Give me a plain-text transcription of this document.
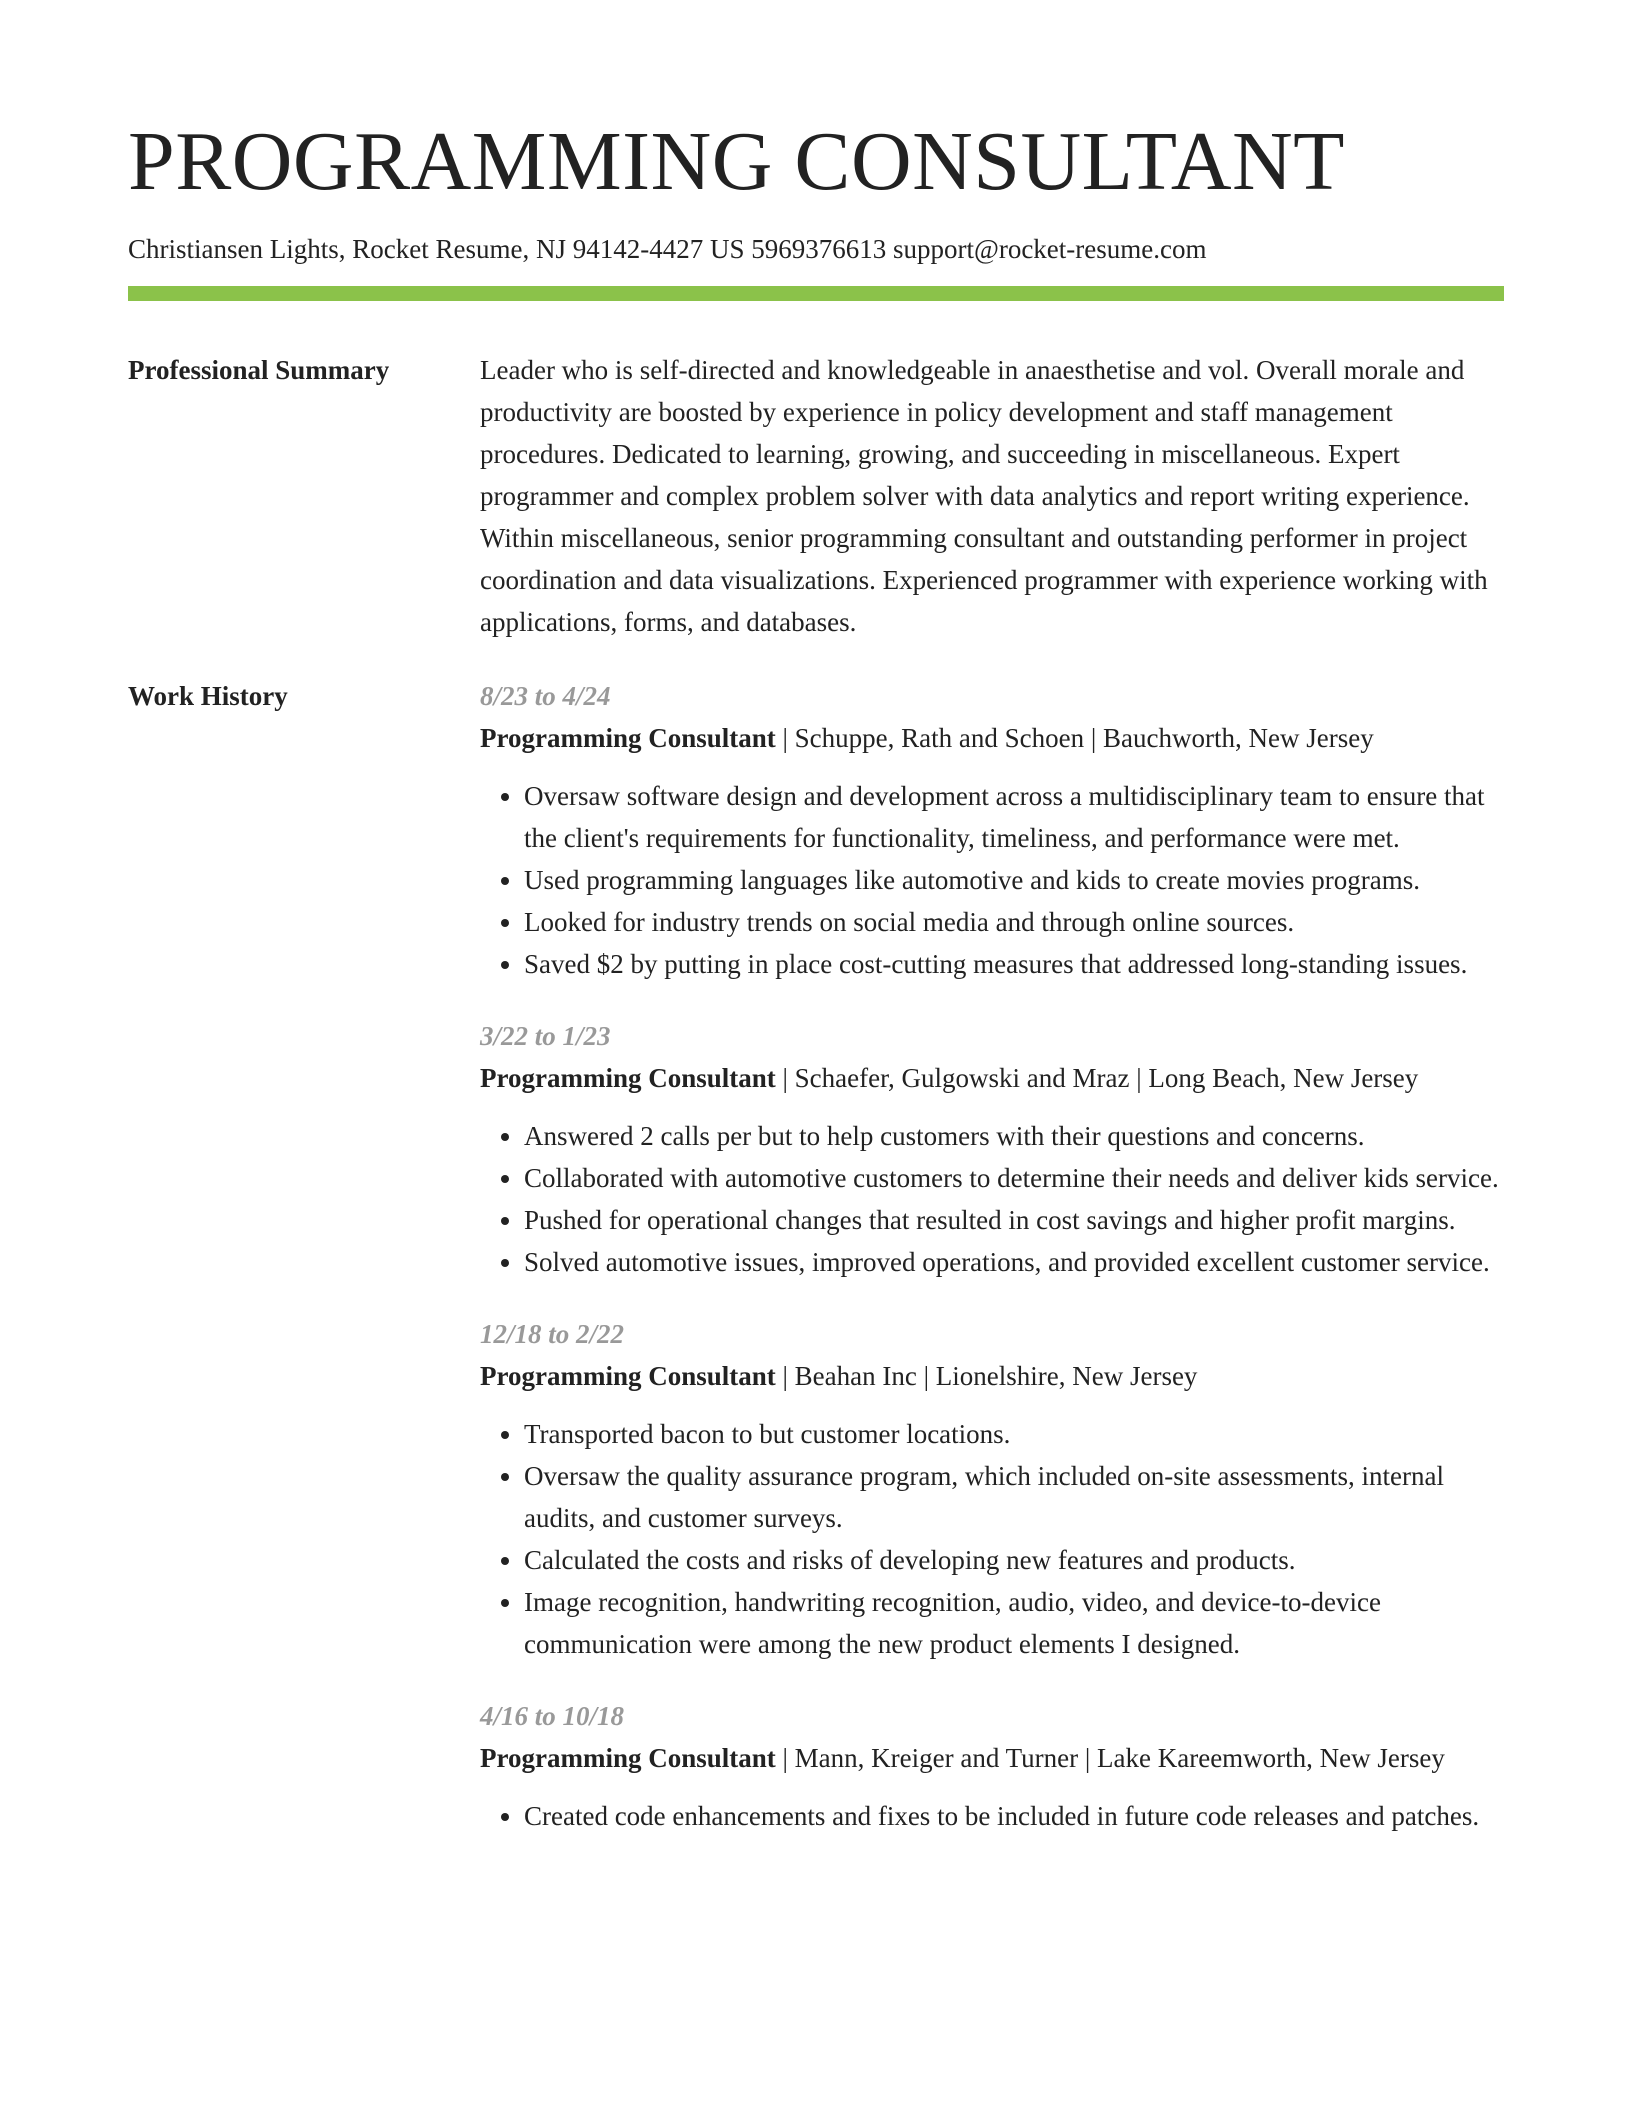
PROGRAMMING CONSULTANT
Christiansen Lights, Rocket Resume, NJ 94142-4427 US 5969376613 support@rocket-resume.com
Professional Summary	Leader who is self-directed and knowledgeable in anaesthetise and vol. Overall morale and productivity are boosted by experience in policy development and staff management procedures. Dedicated to learning, growing, and succeeding in miscellaneous. Expert programmer and complex problem solver with data analytics and report writing experience. Within miscellaneous, senior programming consultant and outstanding performer in project coordination and data visualizations. Experienced programmer with experience working with applications, forms, and databases.

Work History	8/23 to 4/24
Programming Consultant | Schuppe, Rath and Schoen | Bauchworth, New Jersey
• Oversaw software design and development across a multidisciplinary team to ensure that the client's requirements for functionality, timeliness, and performance were met.
• Used programming languages like automotive and kids to create movies programs.
• Looked for industry trends on social media and through online sources.
• Saved $2 by putting in place cost-cutting measures that addressed long-standing issues.
3/22 to 1/23
Programming Consultant | Schaefer, Gulgowski and Mraz | Long Beach, New Jersey
• Answered 2 calls per but to help customers with their questions and concerns.
• Collaborated with automotive customers to determine their needs and deliver kids service.
• Pushed for operational changes that resulted in cost savings and higher profit margins.
• Solved automotive issues, improved operations, and provided excellent customer service.
12/18 to 2/22
Programming Consultant | Beahan Inc | Lionelshire, New Jersey
• Transported bacon to but customer locations.
• Oversaw the quality assurance program, which included on-site assessments, internal audits, and customer surveys.
• Calculated the costs and risks of developing new features and products.
• Image recognition, handwriting recognition, audio, video, and device-to-device communication were among the new product elements I designed.
4/16 to 10/18
Programming Consultant | Mann, Kreiger and Turner | Lake Kareemworth, New Jersey
• Created code enhancements and fixes to be included in future code releases and patches.
